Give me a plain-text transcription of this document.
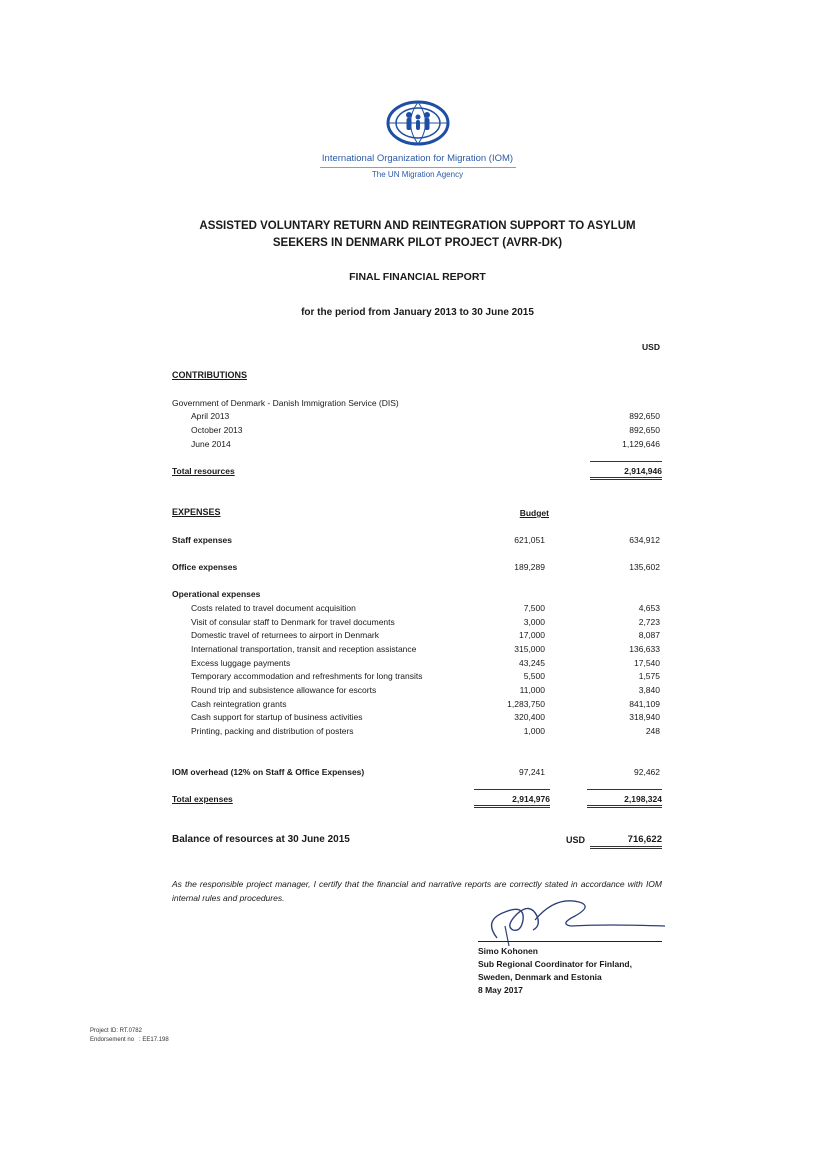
International Organization for Migration (IOM)
The UN Migration Agency
ASSISTED VOLUNTARY RETURN AND REINTEGRATION SUPPORT TO ASYLUM
SEEKERS IN DENMARK PILOT PROJECT (AVRR-DK)
FINAL FINANCIAL REPORT
for the period from January 2013 to 30 June 2015
USD
CONTRIBUTIONS
Government of Denmark - Danish Immigration Service (DIS)
April 2013	892,650
October 2013	892,650
June 2014	1,129,646
Total resources	2,914,946
EXPENSES	Budget
Staff expenses	621,051	634,912
Office expenses	189,289	135,602
Operational expenses
Costs related to travel document acquisition	7,500	4,653
Visit of consular staff to Denmark for travel documents	3,000	2,723
Domestic travel of returnees to airport in Denmark	17,000	8,087
International transportation, transit and reception assistance	315,000	136,633
Excess luggage payments	43,245	17,540
Temporary accommodation and refreshments for long transits	5,500	1,575
Round trip and subsistence allowance for escorts	11,000	3,840
Cash reintegration grants	1,283,750	841,109
Cash support for startup of business activities	320,400	318,940
Printing, packing and distribution of posters	1,000	248
IOM overhead (12% on Staff & Office Expenses)	97,241	92,462
Total expenses	2,914,976	2,198,324
Balance of resources at 30 June 2015	USD	716,622
As the responsible project manager, I certify that the financial and narrative reports are correctly stated in accordance with IOM internal rules and procedures.
Simo Kohonen
Sub Regional Coordinator for Finland,
Sweden, Denmark and Estonia
8 May 2017
Project ID: RT.0782
Endorsement no   : EE17.198
